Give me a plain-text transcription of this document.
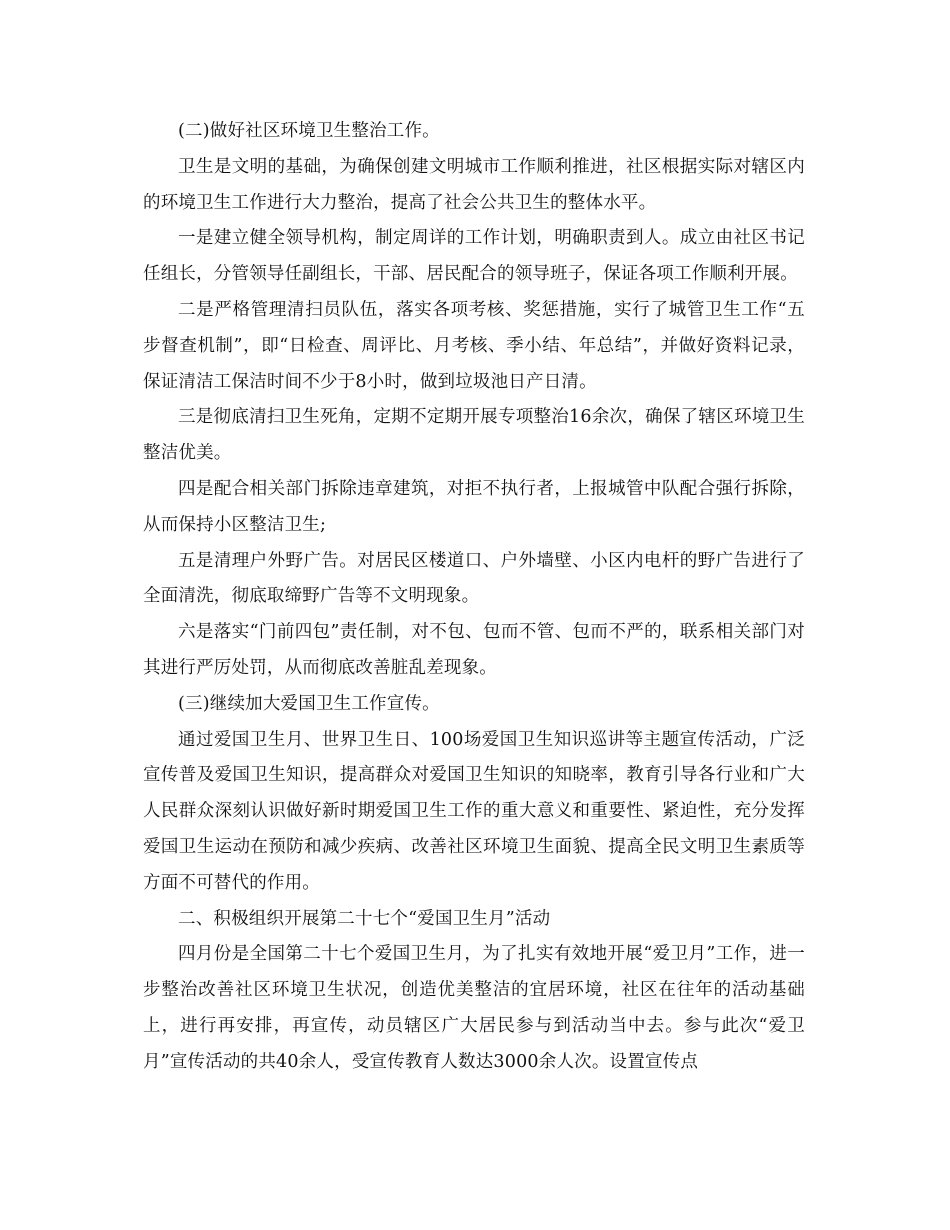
(二)做好社区环境卫生整治工作。

卫生是文明的基础，为确保创建文明城市工作顺利推进，社区根据实际对辖区内的环境卫生工作进行大力整治，提高了社会公共卫生的整体水平。

一是建立健全领导机构，制定周详的工作计划，明确职责到人。成立由社区书记任组长，分管领导任副组长，干部、居民配合的领导班子，保证各项工作顺利开展。

二是严格管理清扫员队伍，落实各项考核、奖惩措施，实行了城管卫生工作“五步督查机制”，即“日检查、周评比、月考核、季小结、年总结”，并做好资料记录，保证清洁工保洁时间不少于8小时，做到垃圾池日产日清。

三是彻底清扫卫生死角，定期不定期开展专项整治16余次，确保了辖区环境卫生整洁优美。

四是配合相关部门拆除违章建筑，对拒不执行者，上报城管中队配合强行拆除，从而保持小区整洁卫生;

五是清理户外野广告。对居民区楼道口、户外墙壁、小区内电杆的野广告进行了全面清洗，彻底取缔野广告等不文明现象。

六是落实“门前四包”责任制，对不包、包而不管、包而不严的，联系相关部门对其进行严厉处罚，从而彻底改善脏乱差现象。

(三)继续加大爱国卫生工作宣传。

通过爱国卫生月、世界卫生日、100场爱国卫生知识巡讲等主题宣传活动，广泛宣传普及爱国卫生知识，提高群众对爱国卫生知识的知晓率，教育引导各行业和广大人民群众深刻认识做好新时期爱国卫生工作的重大意义和重要性、紧迫性，充分发挥爱国卫生运动在预防和减少疾病、改善社区环境卫生面貌、提高全民文明卫生素质等方面不可替代的作用。

二、积极组织开展第二十七个“爱国卫生月”活动

四月份是全国第二十七个爱国卫生月，为了扎实有效地开展“爱卫月”工作，进一步整治改善社区环境卫生状况，创造优美整洁的宜居环境，社区在往年的活动基础上，进行再安排，再宣传，动员辖区广大居民参与到活动当中去。参与此次“爱卫月”宣传活动的共40余人，受宣传教育人数达3000余人次。设置宣传点
